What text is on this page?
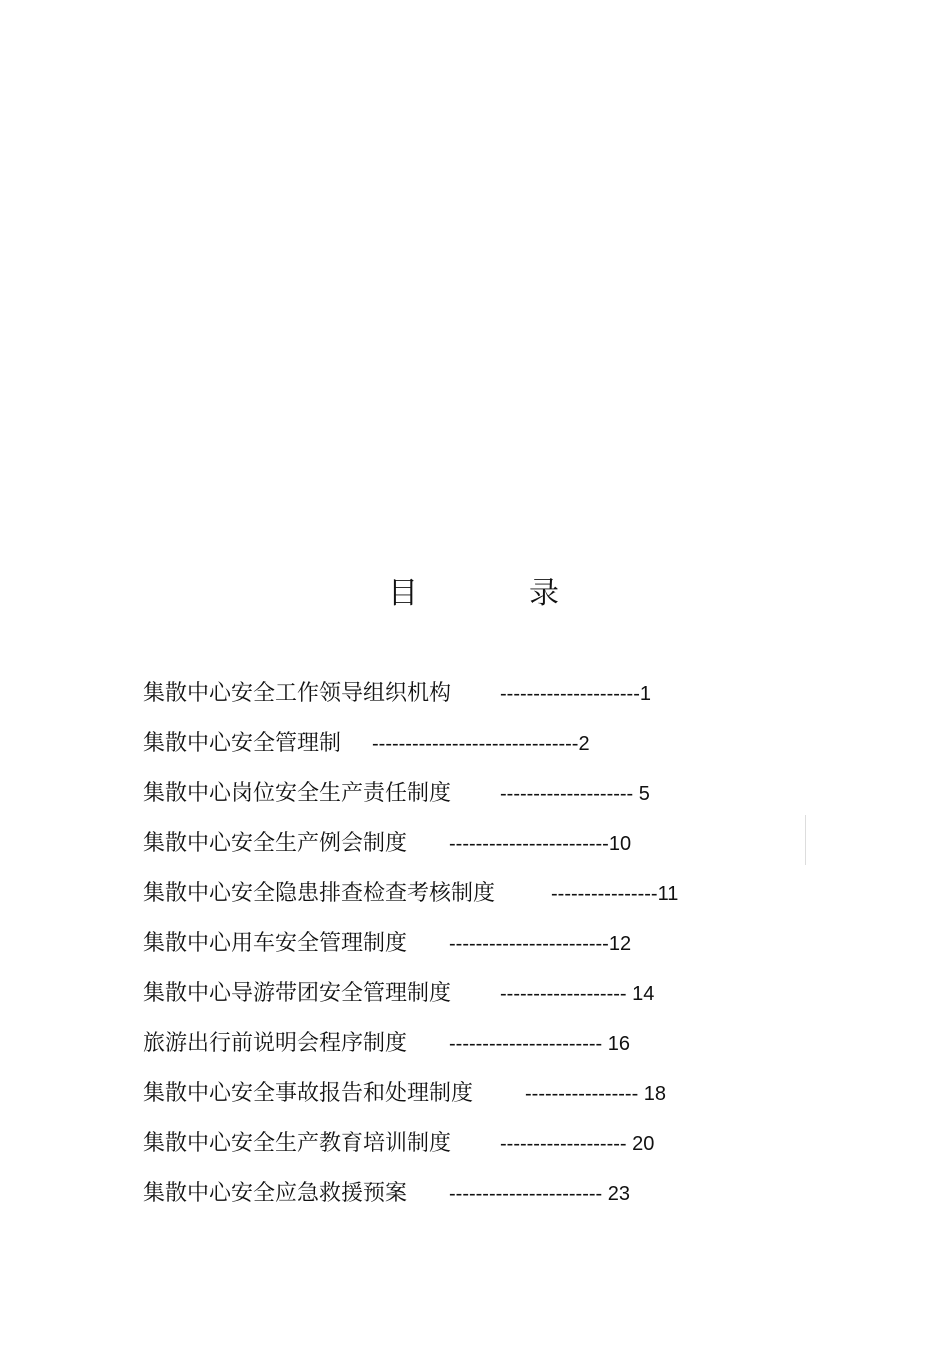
目	录
集散中心安全工作领导组织机构 ---------------------1
集散中心安全管理制 -------------------------------2
集散中心岗位安全生产责任制度 -------------------- 5
集散中心安全生产例会制度 ------------------------10
集散中心安全隐患排查检查考核制度	----------------11
集散中心用车安全管理制度 ------------------------12
集散中心导游带团安全管理制度 ------------------- 14
旅游出行前说明会程序制度 ----------------------- 16
集散中心安全事故报告和处理制度	----------------- 18
集散中心安全生产教育培训制度 ------------------- 20
集散中心安全应急救援预案 ----------------------- 23
